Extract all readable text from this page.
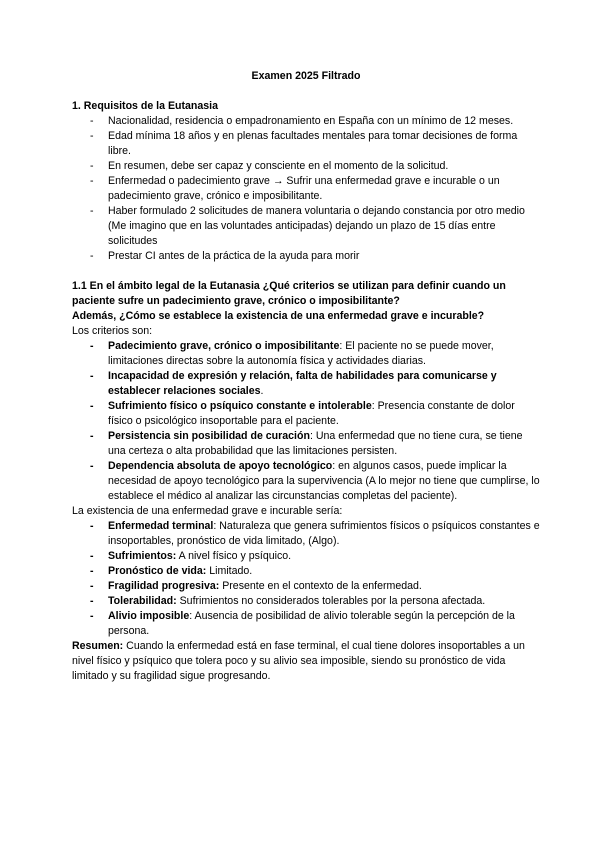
Examen 2025 Filtrado
1. Requisitos de la Eutanasia
- Nacionalidad, residencia o empadronamiento en España con un mínimo de 12 meses.
- Edad mínima 18 años y en plenas facultades mentales para tomar decisiones de forma libre.
- En resumen, debe ser capaz y consciente en el momento de la solicitud.
- Enfermedad o padecimiento grave → Sufrir una enfermedad grave e incurable o un padecimiento grave, crónico e imposibilitante.
- Haber formulado 2 solicitudes de manera voluntaria o dejando constancia por otro medio (Me imagino que en las voluntades anticipadas) dejando un plazo de 15 días entre solicitudes
- Prestar CI antes de la práctica de la ayuda para morir
1.1 En el ámbito legal de la Eutanasia ¿Qué criterios se utilizan para definir cuando un paciente sufre un padecimiento grave, crónico o imposibilitante?
Además, ¿Cómo se establece la existencia de una enfermedad grave e incurable?
Los criterios son:
- Padecimiento grave, crónico o imposibilitante: El paciente no se puede mover, limitaciones directas sobre la autonomía física y actividades diarias.
- Incapacidad de expresión y relación, falta de habilidades para comunicarse y establecer relaciones sociales.
- Sufrimiento físico o psíquico constante e intolerable: Presencia constante de dolor físico o psicológico insoportable para el paciente.
- Persistencia sin posibilidad de curación: Una enfermedad que no tiene cura, se tiene una certeza o alta probabilidad que las limitaciones persisten.
- Dependencia absoluta de apoyo tecnológico: en algunos casos, puede implicar la necesidad de apoyo tecnológico para la supervivencia (A lo mejor no tiene que cumplirse, lo establece el médico al analizar las circunstancias completas del paciente).
La existencia de una enfermedad grave e incurable sería:
- Enfermedad terminal: Naturaleza que genera sufrimientos físicos o psíquicos constantes e insoportables, pronóstico de vida limitado, (Algo).
- Sufrimientos: A nivel físico y psíquico.
- Pronóstico de vida: Limitado.
- Fragilidad progresiva: Presente en el contexto de la enfermedad.
- Tolerabilidad: Sufrimientos no considerados tolerables por la persona afectada.
- Alivio imposible: Ausencia de posibilidad de alivio tolerable según la percepción de la persona.
Resumen: Cuando la enfermedad está en fase terminal, el cual tiene dolores insoportables a un nivel físico y psíquico que tolera poco y su alivio sea imposible, siendo su pronóstico de vida limitado y su fragilidad sigue progresando.
